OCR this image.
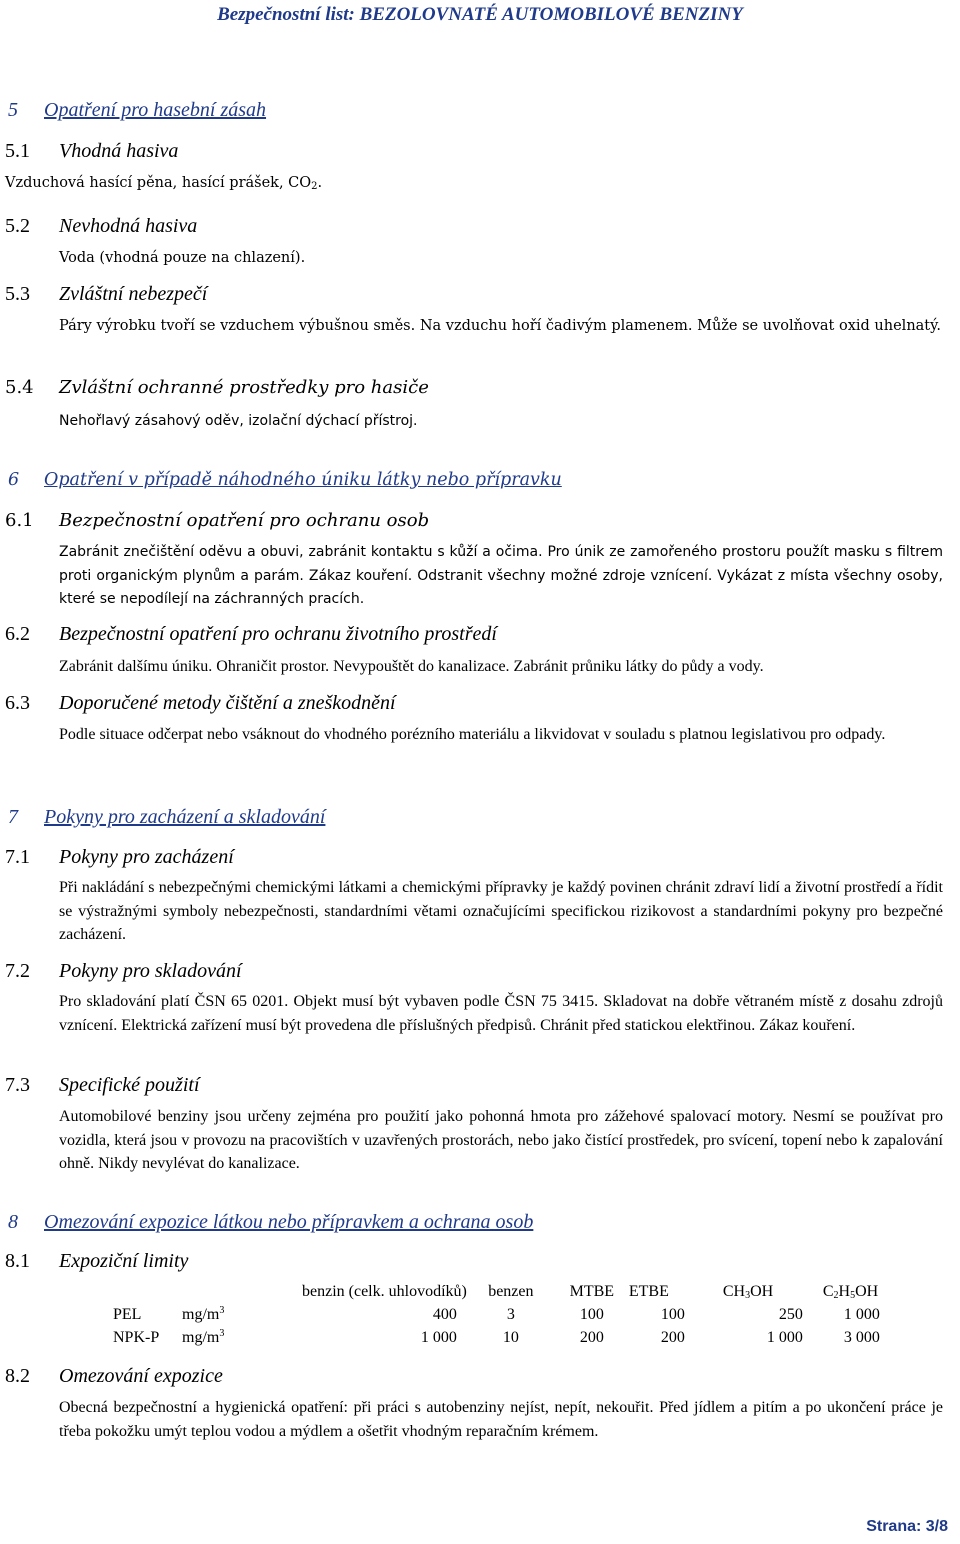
Bezpečnostní list: BEZOLOVNATÉ AUTOMOBILOVÉ BENZINY
5 Opatření pro hasební zásah
5.1 Vhodná hasiva
Vzduchová hasící pěna, hasící prášek, $CO_2$.
5.2 Nevhodná hasiva
Voda (vhodná pouze na chlazení).
5.3 Zvláštní nebezpečí
Páry výrobku tvoří se vzduchem výbušnou směs. Na vzduchu hoří čadivým plamenem. Může se uvolňovat oxid uhelnatý.
5.4 Zvláštní ochranné prostředky pro hasiče
Nehořlavý zásahový oděv, izolační dýchací přístroj.
6 Opatření v případě náhodného úniku látky nebo přípravku
6.1 Bezpečnostní opatření pro ochranu osob
Zabránit znečištění oděvu a obuvi, zabránit kontaktu s kůží a očima. Pro únik ze zamořeného prostoru použít masku s filtrem proti organickým plynům a parám. Zákaz kouření. Odstranit všechny možné zdroje vznícení. Vykázat z místa všechny osoby, které se nepodílejí na záchranných pracích.
6.2 Bezpečnostní opatření pro ochranu životního prostředí
Zabránit dalšímu úniku. Ohraničit prostor. Nevypouštět do kanalizace. Zabránit průniku látky do půdy a vody.
6.3 Doporučené metody čištění a zneškodnění
Podle situace odčerpat nebo vsáknout do vhodného porézního materiálu a likvidovat v souladu s platnou legislativou pro odpady.
7 Pokyny pro zacházení a skladování
7.1 Pokyny pro zacházení
Při nakládání s nebezpečnými chemickými látkami a chemickými přípravky je každý povinen chránit zdraví lidí a životní prostředí a řídit se výstražnými symboly nebezpečnosti, standardními větami označujícími specifickou rizikovost a standardními pokyny pro bezpečné zacházení.
7.2 Pokyny pro skladování
Pro skladování platí ČSN 65 0201. Objekt musí být vybaven podle ČSN 75 3415. Skladovat na dobře větraném místě z dosahu zdrojů vznícení. Elektrická zařízení musí být provedena dle příslušných předpisů. Chránit před statickou elektřinou. Zákaz kouření.
7.3 Specifické použití
Automobilové benziny jsou určeny zejména pro použití jako pohonná hmota pro zážehové spalovací motory. Nesmí se používat pro vozidla, která jsou v provozu na pracovištích v uzavřených prostorách, nebo jako čistící prostředek, pro svícení, topení nebo k zapalování ohně. Nikdy nevylévat do kanalizace.
8 Omezování expozice látkou nebo přípravkem a ochrana osob
8.1 Expoziční limity
		benzin (celk. uhlovodíků)	benzen	MTBE	ETBE	$CH_3OH$	$C_2H_5OH$
PEL	$mg/m^3$	400	3	100	100	250	1 000
NPK-P	$mg/m^3$	1 000	10	200	200	1 000	3 000
8.2 Omezování expozice
Obecná bezpečnostní a hygienická opatření: při práci s autobenziny nejíst, nepít, nekouřit. Před jídlem a pitím a po ukončení práce je třeba pokožku umýt teplou vodou a mýdlem a ošetřit vhodným reparačním krémem.
Strana: 3/8
